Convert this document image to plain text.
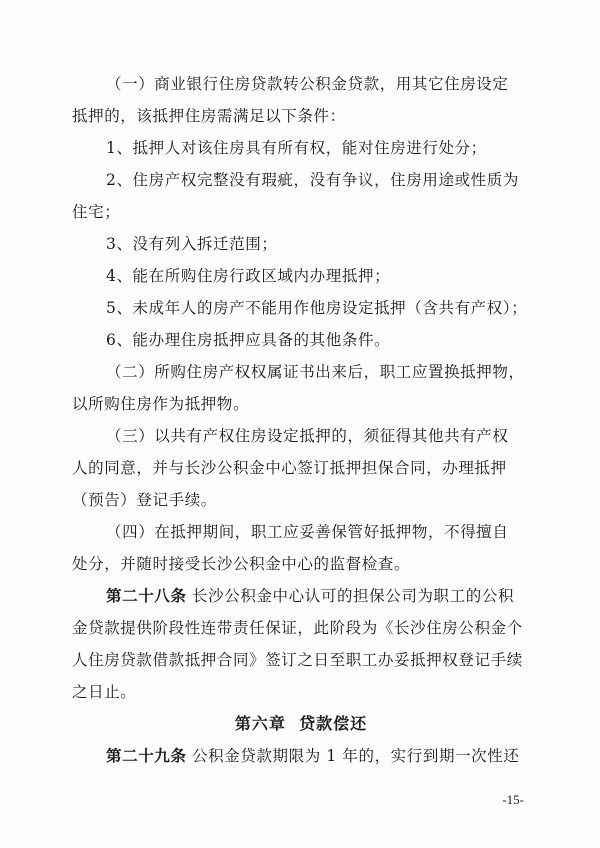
（一）商业银行住房贷款转公积金贷款，用其它住房设定
抵押的，该抵押住房需满足以下条件：
1、抵押人对该住房具有所有权，能对住房进行处分；
2、住房产权完整没有瑕疵，没有争议，住房用途或性质为
住宅；
3、没有列入拆迁范围；
4、能在所购住房行政区域内办理抵押；
5、未成年人的房产不能用作他房设定抵押（含共有产权）；
6、能办理住房抵押应具备的其他条件。
（二）所购住房产权权属证书出来后，职工应置换抵押物，
以所购住房作为抵押物。
（三）以共有产权住房设定抵押的，须征得其他共有产权
人的同意，并与长沙公积金中心签订抵押担保合同，办理抵押
（预告）登记手续。
（四）在抵押期间，职工应妥善保管好抵押物，不得擅自
处分，并随时接受长沙公积金中心的监督检查。
第二十八条 长沙公积金中心认可的担保公司为职工的公积
金贷款提供阶段性连带责任保证，此阶段为《长沙住房公积金个
人住房贷款借款抵押合同》签订之日至职工办妥抵押权登记手续
之日止。
第六章  贷款偿还
第二十九条 公积金贷款期限为 1 年的，实行到期一次性还
-15-
